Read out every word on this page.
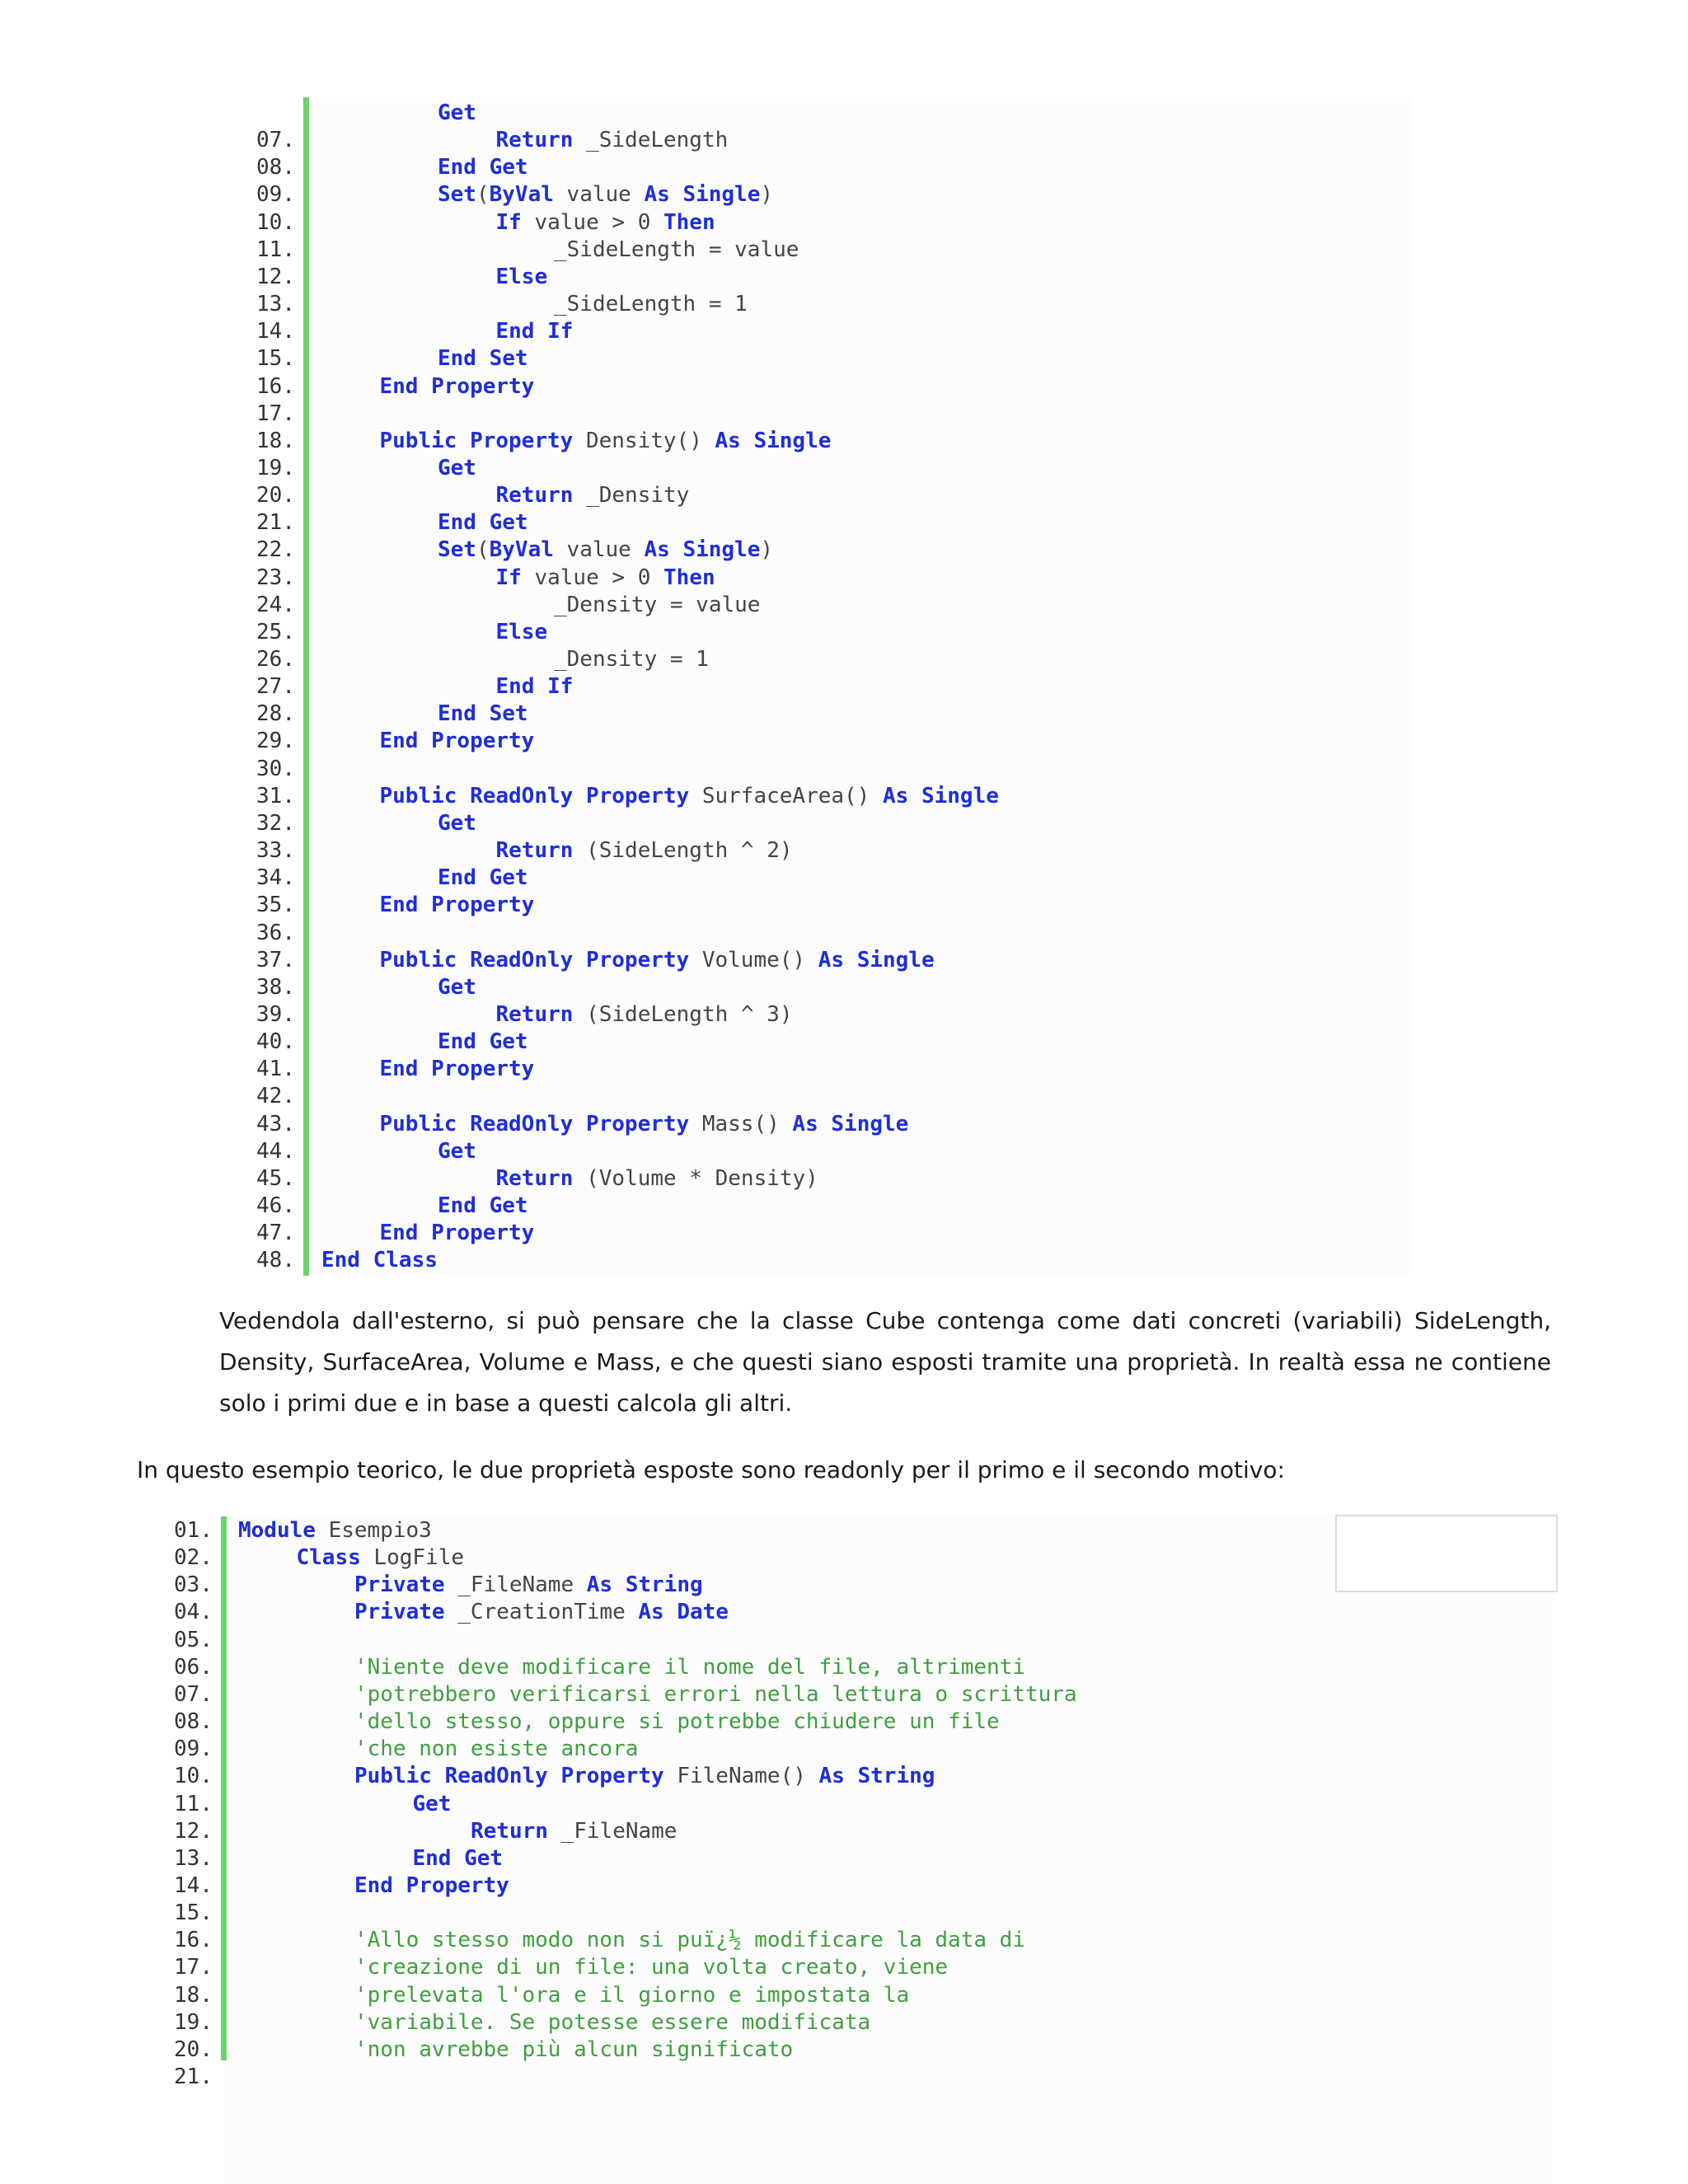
Get
07.	Return _SideLength
08.	End Get
09.	Set(ByVal value As Single)
10.	If value > 0 Then
11.	_SideLength = value
12.	Else
13.	_SideLength = 1
14.	End If
15.	End Set
16.	End Property
17.
18.	Public Property Density() As Single
19.	Get
20.	Return _Density
21.	End Get
22.	Set(ByVal value As Single)
23.	If value > 0 Then
24.	_Density = value
25.	Else
26.	_Density = 1
27.	End If
28.	End Set
29.	End Property
30.
31.	Public ReadOnly Property SurfaceArea() As Single
32.	Get
33.	Return (SideLength ^ 2)
34.	End Get
35.	End Property
36.
37.	Public ReadOnly Property Volume() As Single
38.	Get
39.	Return (SideLength ^ 3)
40.	End Get
41.	End Property
42.
43.	Public ReadOnly Property Mass() As Single
44.	Get
45.	Return (Volume * Density)
46.	End Get
47.	End Property
48. End Class
Vedendola dall'esterno, si può pensare che la classe Cube contenga come dati concreti (variabili) SideLength, Density, SurfaceArea, Volume e Mass, e che questi siano esposti tramite una proprietà. In realtà essa ne contiene solo i primi due e in base a questi calcola gli altri.
In questo esempio teorico, le due proprietà esposte sono readonly per il primo e il secondo motivo:
01. Module Esempio3
02.	Class LogFile
03.	Private _FileName As String
04.	Private _CreationTime As Date
05.
06.	'Niente deve modificare il nome del file, altrimenti
07.	'potrebbero verificarsi errori nella lettura o scrittura
08.	'dello stesso, oppure si potrebbe chiudere un file
09.	'che non esiste ancora
10.	Public ReadOnly Property FileName() As String
11.	Get
12.	Return _FileName
13.	End Get
14.	End Property
15.
16.	'Allo stesso modo non si puï¿½ modificare la data di
17.	'creazione di un file: una volta creato, viene
18.	'prelevata l'ora e il giorno e impostata la
19.	'variabile. Se potesse essere modificata
20.	'non avrebbe più alcun significato
21.
